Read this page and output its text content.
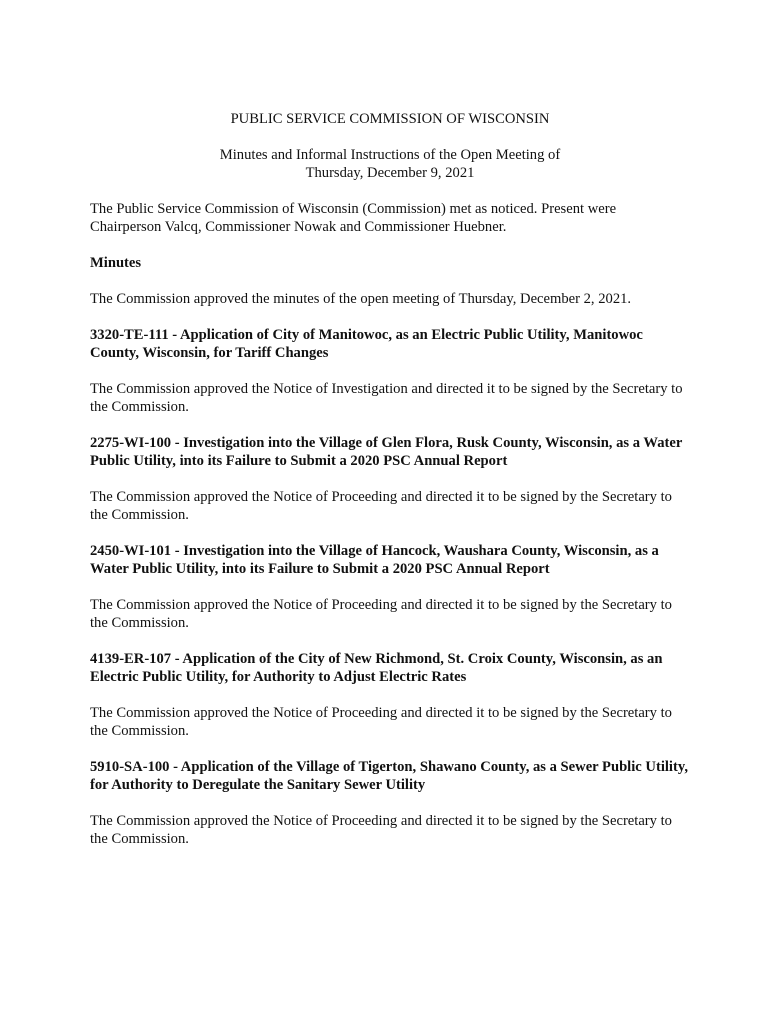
PUBLIC SERVICE COMMISSION OF WISCONSIN
Minutes and Informal Instructions of the Open Meeting of
Thursday, December 9, 2021

The Public Service Commission of Wisconsin (Commission) met as noticed. Present were Chairperson Valcq, Commissioner Nowak and Commissioner Huebner.

Minutes

The Commission approved the minutes of the open meeting of Thursday, December 2, 2021.

3320-TE-111 - Application of City of Manitowoc, as an Electric Public Utility, Manitowoc County, Wisconsin, for Tariff Changes

The Commission approved the Notice of Investigation and directed it to be signed by the Secretary to the Commission.

2275-WI-100 - Investigation into the Village of Glen Flora, Rusk County, Wisconsin, as a Water Public Utility, into its Failure to Submit a 2020 PSC Annual Report

The Commission approved the Notice of Proceeding and directed it to be signed by the Secretary to the Commission.

2450-WI-101 - Investigation into the Village of Hancock, Waushara County, Wisconsin, as a Water Public Utility, into its Failure to Submit a 2020 PSC Annual Report

The Commission approved the Notice of Proceeding and directed it to be signed by the Secretary to the Commission.

4139-ER-107 - Application of the City of New Richmond, St. Croix County, Wisconsin, as an Electric Public Utility, for Authority to Adjust Electric Rates

The Commission approved the Notice of Proceeding and directed it to be signed by the Secretary to the Commission.

5910-SA-100 - Application of the Village of Tigerton, Shawano County, as a Sewer Public Utility, for Authority to Deregulate the Sanitary Sewer Utility

The Commission approved the Notice of Proceeding and directed it to be signed by the Secretary to the Commission.
